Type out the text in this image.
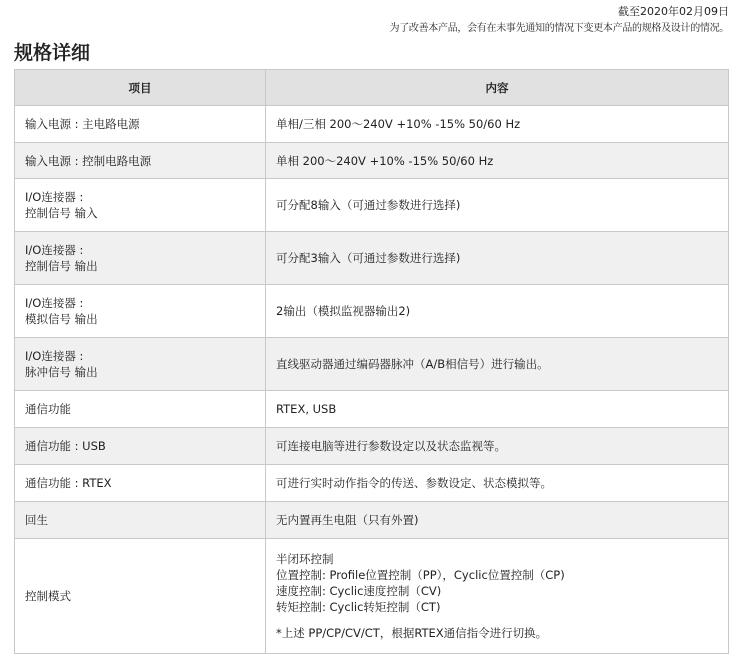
截至2020年02月09日
为了改善本产品，会有在未事先通知的情况下变更本产品的规格及设计的情况。
规格详细
项目	内容
输入电源 : 主电路电源	单相/三相 200～240V +10% -15% 50/60 Hz
输入电源 : 控制电路电源	单相 200～240V +10% -15% 50/60 Hz

I/O连接器 :
控制信号 输入	可分配8输入（可通过参数进行选择)

I/O连接器 :
控制信号 输出	可分配3输入（可通过参数进行选择)

I/O连接器 :
模拟信号 输出	2输出（模拟监视器输出2)

I/O连接器 :
脉冲信号 输出	直线驱动器通过编码器脉冲（A/B相信号）进行输出。
通信功能	RTEX, USB
通信功能 : USB	可连接电脑等进行参数设定以及状态监视等。
通信功能 : RTEX	可进行实时动作指令的传送、参数设定、状态模拟等。
回生	无内置再生电阻（只有外置)
控制模式	半闭环控制
位置控制: Profile位置控制（PP），Cyclic位置控制（CP)
速度控制: Cyclic速度控制（CV)
转矩控制: Cyclic转矩控制（CT)
*上述 PP/CP/CV/CT，根据RTEX通信指令进行切换。
